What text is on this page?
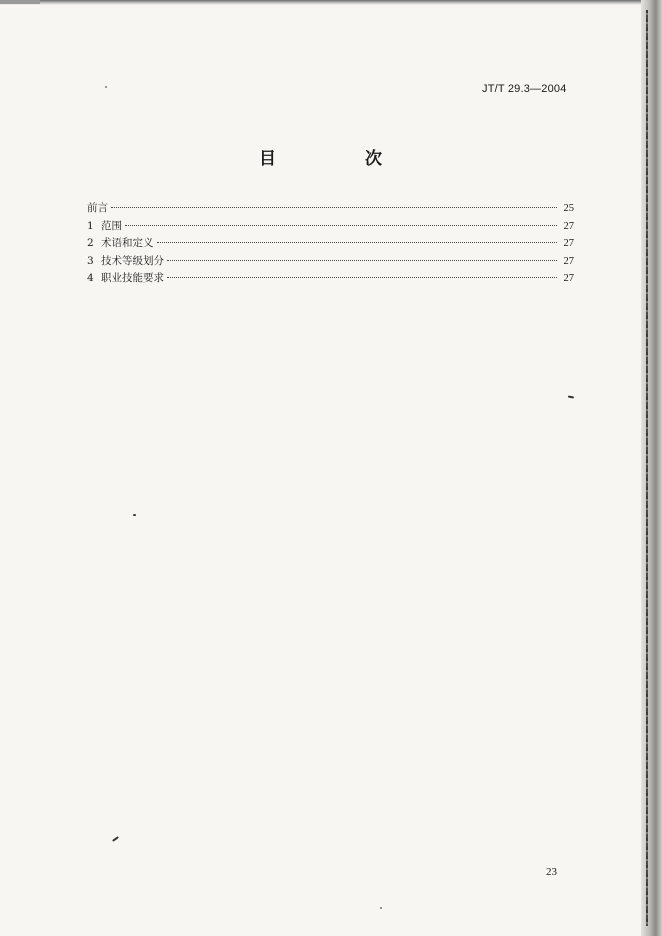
JT/T 29.3—2004
目　次
前言	25
1 范围	27
2 术语和定义	27
3 技术等级划分	27
4 职业技能要求	27
23
